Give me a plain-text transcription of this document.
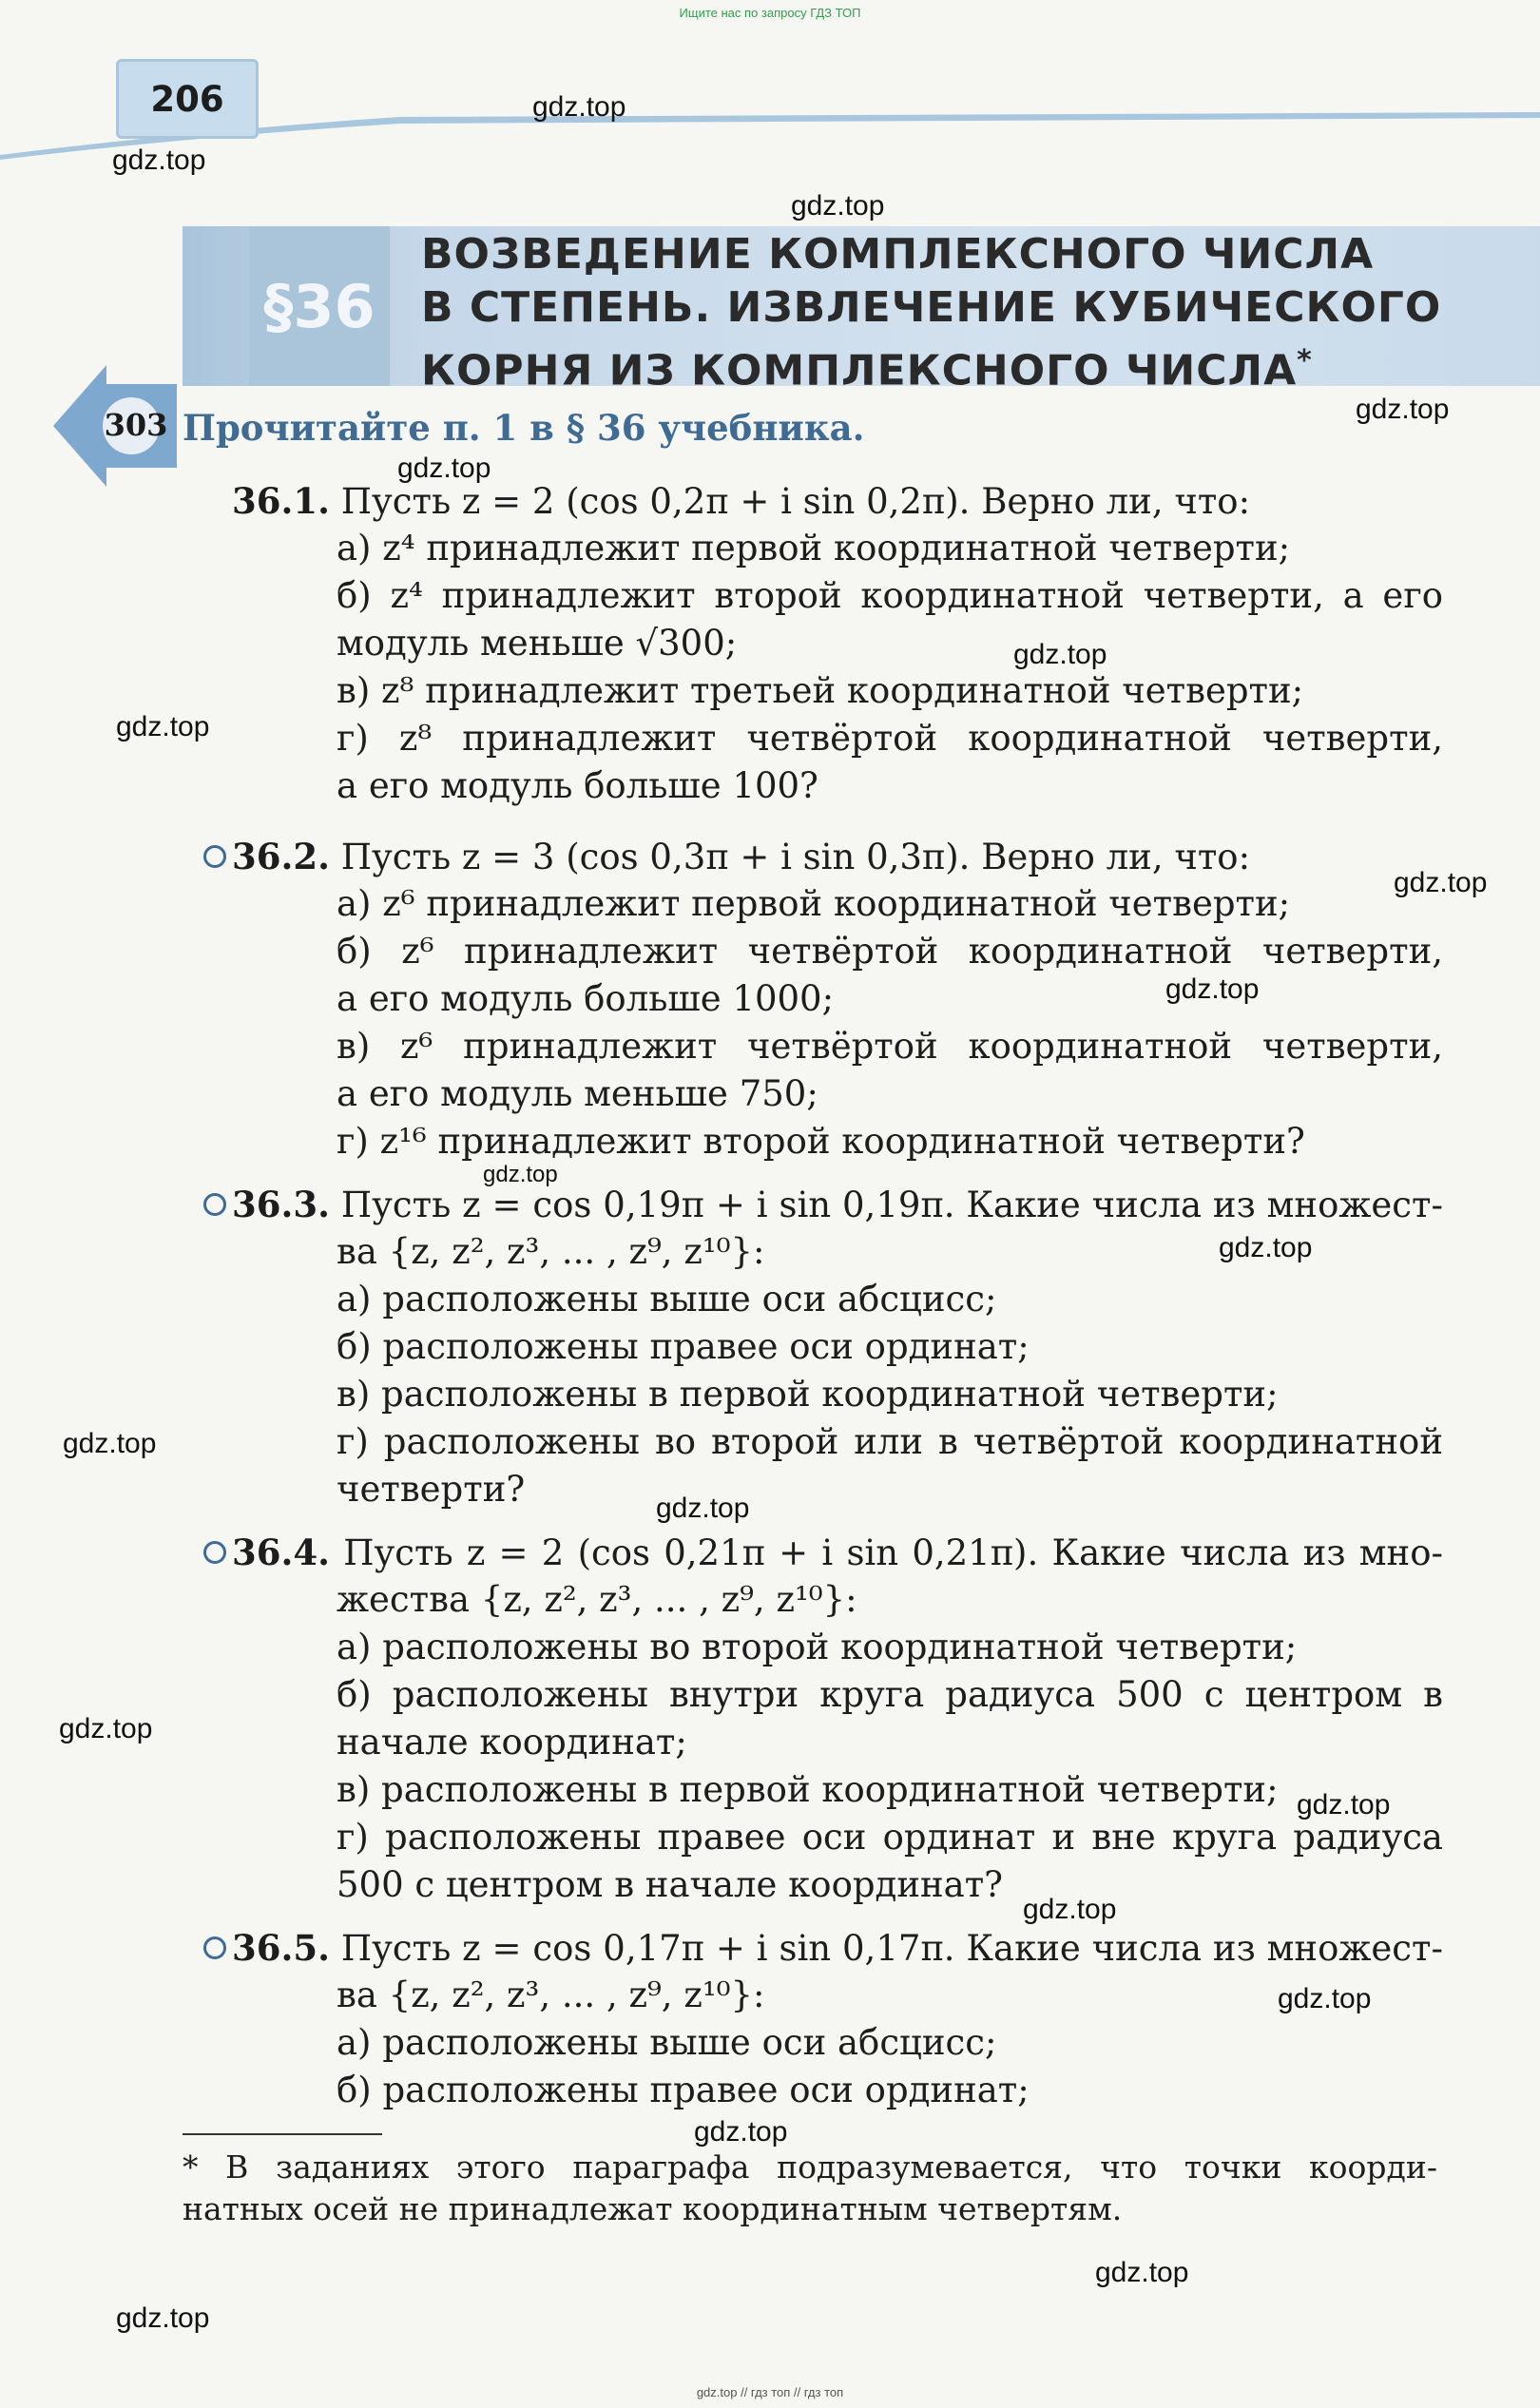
Ищите нас по запросу ГДЗ ТОП
206
§36
ВОЗВЕДЕНИЕ КОМПЛЕКСНОГО ЧИСЛА
В СТЕПЕНЬ. ИЗВЛЕЧЕНИЕ КУБИЧЕСКОГО
КОРНЯ ИЗ КОМПЛЕКСНОГО ЧИСЛА*
303 Прочитайте п. 1 в § 36 учебника.
36.1. Пусть z = 2 (cos 0,2π + i sin 0,2π). Верно ли, что:
а) z⁴ принадлежит первой координатной четверти;
б) z⁴ принадлежит второй координатной четверти, а его
модуль меньше √300;
в) z⁸ принадлежит третьей координатной четверти;
г) z⁸ принадлежит четвёртой координатной четверти,
а его модуль больше 100?
36.2. Пусть z = 3 (cos 0,3π + i sin 0,3π). Верно ли, что:
а) z⁶ принадлежит первой координатной четверти;
б) z⁶ принадлежит четвёртой координатной четверти,
а его модуль больше 1000;
в) z⁶ принадлежит четвёртой координатной четверти,
а его модуль меньше 750;
г) z¹⁶ принадлежит второй координатной четверти?
36.3. Пусть z = cos 0,19π + i sin 0,19π. Какие числа из множест-
ва {z, z², z³, ... , z⁹, z¹⁰}:
а) расположены выше оси абсцисс;
б) расположены правее оси ординат;
в) расположены в первой координатной четверти;
г) расположены во второй или в четвёртой координатной
четверти?
36.4. Пусть z = 2 (cos 0,21π + i sin 0,21π). Какие числа из мно-
жества {z, z², z³, ... , z⁹, z¹⁰}:
а) расположены во второй координатной четверти;
б) расположены внутри круга радиуса 500 с центром в
начале координат;
в) расположены в первой координатной четверти;
г) расположены правее оси ординат и вне круга радиуса
500 с центром в начале координат?
36.5. Пусть z = cos 0,17π + i sin 0,17π. Какие числа из множест-
ва {z, z², z³, ... , z⁹, z¹⁰}:
а) расположены выше оси абсцисс;
б) расположены правее оси ординат;
* В заданиях этого параграфа подразумевается, что точки коорди-
натных осей не принадлежат координатным четвертям.
gdz.top
gdz.top
gdz.top
gdz.top
gdz.top
gdz.top
gdz.top
gdz.top
gdz.top
gdz.top
gdz.top
gdz.top
gdz.top
gdz.top
gdz.top
gdz.top
gdz.top
gdz.top
gdz.top
gdz.top
gdz.top // гдз топ // гдз топ
